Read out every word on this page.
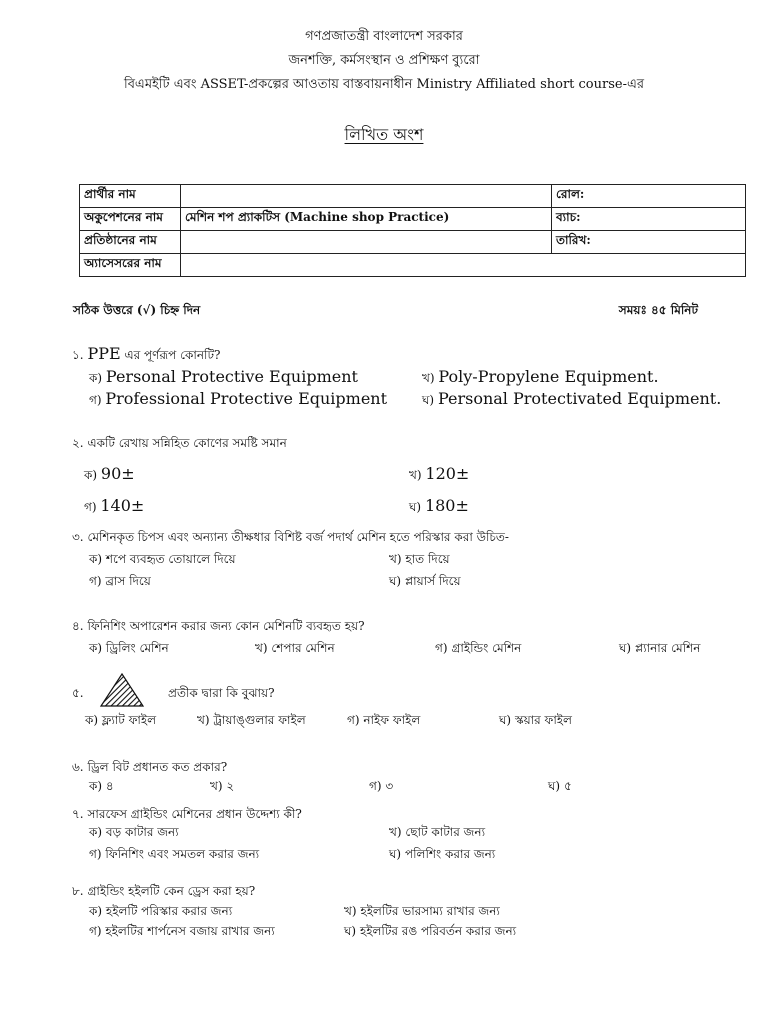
গণপ্রজাতন্ত্রী বাংলাদেশ সরকার
জনশক্তি, কর্মসংস্থান ও প্রশিক্ষণ ব্যুরো
বিএমইটি এবং ASSET-প্রকল্পের আওতায় বাস্তবায়নাধীন Ministry Affiliated short course-এর
লিখিত অংশ
প্রার্থীর নাম		রোল:
অকুপেশনের নাম	মেশিন শপ প্র্যাকটিস (Machine shop Practice)	ব্যাচ:
প্রতিষ্ঠানের নাম		তারিখ:
অ্যাসেসরের নাম		
সঠিক উত্তরে (√) চিহ্ন দিন	সময়ঃ ৪৫ মিনিট
১. PPE এর পূর্ণরূপ কোনটি?
ক) Personal Protective Equipment	খ) Poly-Propylene Equipment.
গ) Professional Protective Equipment	ঘ) Personal Protectivated Equipment.
২. একটি রেখায় সন্নিহিত কোণের সমষ্টি সমান
ক) 90±	খ) 120±
গ) 140±	ঘ) 180±
৩. মেশিনকৃত চিপস এবং অন্যান্য তীক্ষধার বিশিষ্ট বর্জ পদার্থ মেশিন হতে পরিস্কার করা উচিত-
ক) শপে ব্যবহৃত তোয়ালে দিয়ে	খ) হাত দিয়ে
গ) ব্রাস দিয়ে	ঘ) প্লায়ার্স দিয়ে
৪. ফিনিশিং অপারেশন করার জন্য কোন মেশিনটি ব্যবহৃত হয়?
ক) ড্রিলিং মেশিন	খ) শেপার মেশিন	গ) গ্রাইন্ডিং মেশিন	ঘ) প্ল্যানার মেশিন
৫.	প্রতীক দ্বারা কি বুঝায়?
ক) ফ্ল্যাট ফাইল	খ) ট্রায়াঙ্গুলার ফাইল	গ) নাইফ ফাইল	ঘ) স্কয়ার ফাইল
৬. ড্রিল বিট প্রধানত কত প্রকার?
ক) ৪	খ) ২	গ) ৩	ঘ) ৫
৭. সারফেস গ্রাইন্ডিং মেশিনের প্রধান উদ্দেশ্য কী?
ক) বড় কাটার জন্য	খ) ছোট কাটার জন্য
গ) ফিনিশিং এবং সমতল করার জন্য	ঘ) পলিশিং করার জন্য
৮. গ্রাইন্ডিং হইলটি কেন ড্রেস করা হয়?
ক) হইলটি পরিস্কার করার জন্য	খ) হইলটির ভারসাম্য রাখার জন্য
গ) হইলটির শার্পনেস বজায় রাখার জন্য	ঘ) হইলটির রঙ পরিবর্তন করার জন্য
